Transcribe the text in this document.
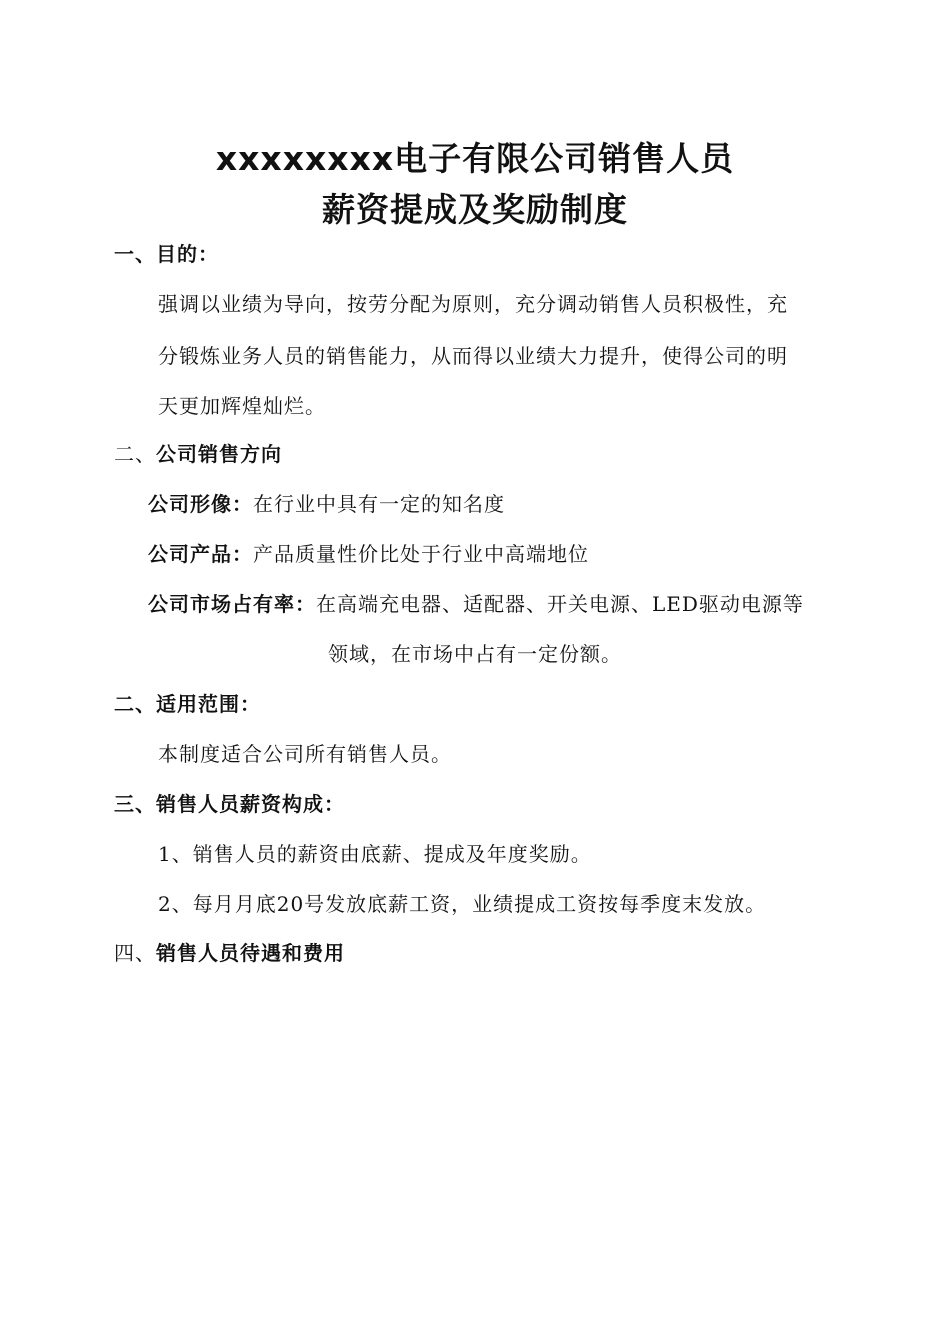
xxxxxxxx电子有限公司销售人员
薪资提成及奖励制度
一、目的：
强调以业绩为导向，按劳分配为原则，充分调动销售人员积极性，充
分锻炼业务人员的销售能力，从而得以业绩大力提升，使得公司的明
天更加辉煌灿烂。
二、公司销售方向
公司形像：在行业中具有一定的知名度
公司产品：产品质量性价比处于行业中高端地位
公司市场占有率：在高端充电器、适配器、开关电源、LED驱动电源等
领域，在市场中占有一定份额。
二、适用范围：
本制度适合公司所有销售人员。
三、销售人员薪资构成：
1、销售人员的薪资由底薪、提成及年度奖励。
2、每月月底20号发放底薪工资，业绩提成工资按每季度末发放。
四、销售人员待遇和费用
